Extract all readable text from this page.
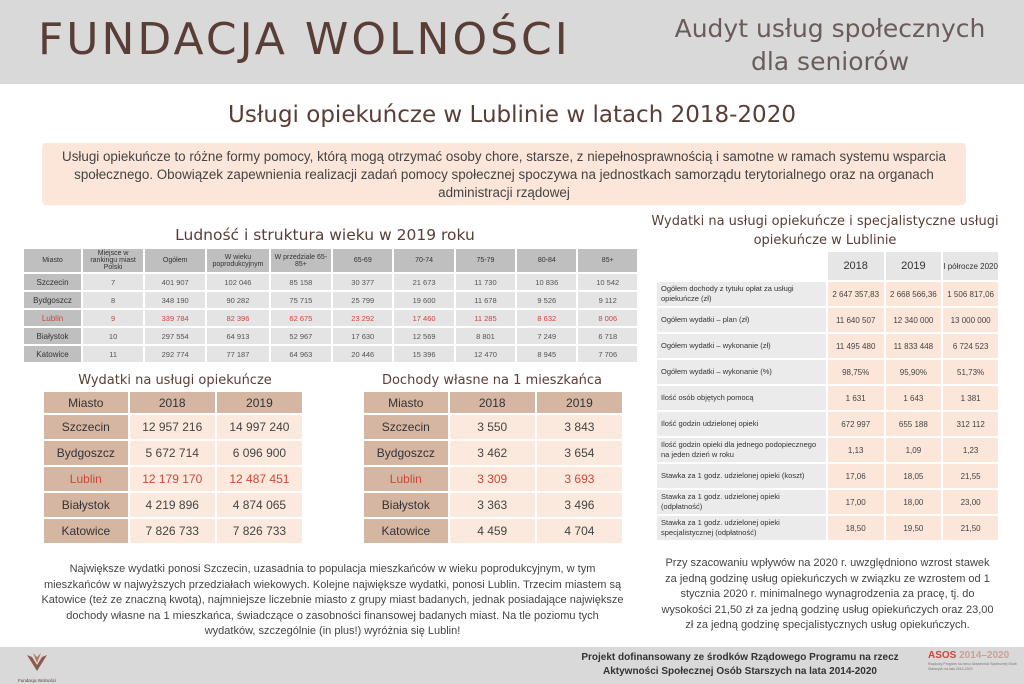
FUNDACJA WOLNOŚCI	Audyt usług społecznych
dla seniorów
Usługi opiekuńcze w Lublinie w latach 2018-2020
Usługi opiekuńcze to różne formy pomocy, którą mogą otrzymać osoby chore, starsze, z niepełnosprawnością i samotne w ramach systemu wsparcia społecznego. Obowiązek zapewnienia realizacji zadań pomocy społecznej spoczywa na jednostkach samorządu terytorialnego oraz na organach administracji rządowej
Ludność i struktura wieku w 2019 roku
Miasto	Miejsce w rankingu miast Polski	Ogółem	W wieku poprodukcyjnym	W przedziale 65-85+	65-69	70-74	75-79	80-84	85+
Szczecin	7	401 907	102 046	85 158	30 377	21 673	11 730	10 836	10 542
Bydgoszcz	8	348 190	90 282	75 715	25 799	19 600	11 678	9 526	9 112
Lublin	9	339 784	82 396	62 675	23 292	17 460	11 285	8 632	8 006
Białystok	10	297 554	64 913	52 967	17 630	12 569	8 801	7 249	6 718
Katowice	11	292 774	77 187	64 963	20 446	15 396	12 470	8 945	7 706
Wydatki na usługi opiekuńcze
Miasto	2018	2019
Szczecin	12 957 216	14 997 240
Bydgoszcz	5 672 714	6 096 900
Lublin	12 179 170	12 487 451
Białystok	4 219 896	4 874 065
Katowice	7 826 733	7 826 733
Dochody własne na 1 mieszkańca
Miasto	2018	2019
Szczecin	3 550	3 843
Bydgoszcz	3 462	3 654
Lublin	3 309	3 693
Białystok	3 363	3 496
Katowice	4 459	4 704
Wydatki na usługi opiekuńcze i specjalistyczne usługi opiekuńcze w Lublinie
	2018	2019	I półrocze 2020
Ogółem dochody z tytułu opłat za usługi opiekuńcze (zł)	2 647 357,83	2 668 566,36	1 506 817,06
Ogółem wydatki – plan (zł)	11 640 507	12 340 000	13 000 000
Ogółem wydatki – wykonanie (zł)	11 495 480	11 833 448	6 724 523
Ogółem wydatki – wykonanie (%)	98,75%	95,90%	51,73%
Ilość osób objętych pomocą	1 631	1 643	1 381
Ilość godzin udzielonej opieki	672 997	655 188	312 112
Ilość godzin opieki dla jednego podopiecznego na jeden dzień w roku	1,13	1,09	1,23
Stawka za 1 godz. udzielonej opieki (koszt)	17,06	18,05	21,55
Stawka za 1 godz. udzielonej opieki (odpłatność)	17,00	18,00	23,00
Stawka za 1 godz. udzielonej opieki specjalistycznej (odpłatność)	18,50	19,50	21,50
Największe wydatki ponosi Szczecin, uzasadnia to populacja mieszkańców w wieku poprodukcyjnym, w tym mieszkańców w najwyższych przedziałach wiekowych. Kolejne największe wydatki, ponosi Lublin. Trzecim miastem są Katowice (też ze znaczną kwotą), najmniejsze liczebnie miasto z grupy miast badanych, jednak posiadające największe dochody własne na 1 mieszkańca, świadczące o zasobności finansowej badanych miast. Na tle poziomu tych wydatków, szczególnie (in plus!) wyróżnia się Lublin!
Przy szacowaniu wpływów na 2020 r. uwzględniono wzrost stawek za jedną godzinę usług opiekuńczych w związku ze wzrostem od 1 stycznia 2020 r. minimalnego wynagrodzenia za pracę, tj. do wysokości 21,50 zł za jedną godzinę usług opiekuńczych oraz 23,00 zł za jedną godzinę specjalistycznych usług opiekuńczych.
Fundacja Wolności
Projekt dofinansowany ze środków Rządowego Programu na rzecz
Aktywności Społecznej Osób Starszych na lata 2014-2020
ASOS 2014–2020
Rządowy Program na rzecz Aktywności Społecznej Osób Starszych na lata 2014-2020
